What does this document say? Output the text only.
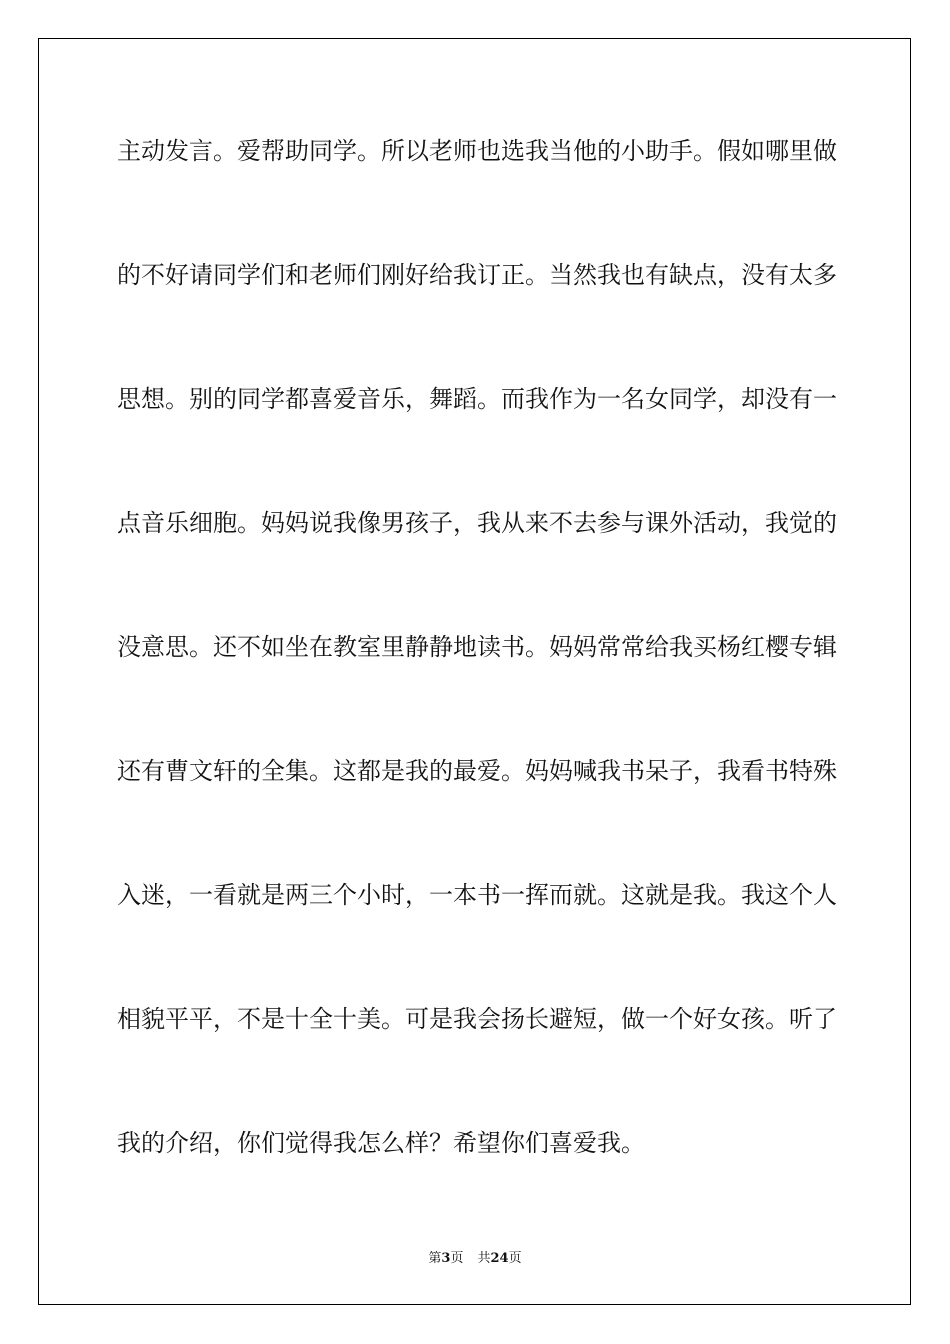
主动发言。爱帮助同学。所以老师也选我当他的小助手。假如哪里做
的不好请同学们和老师们刚好给我订正。当然我也有缺点，没有太多
思想。别的同学都喜爱音乐，舞蹈。而我作为一名女同学，却没有一
点音乐细胞。妈妈说我像男孩子，我从来不去参与课外活动，我觉的
没意思。还不如坐在教室里静静地读书。妈妈常常给我买杨红樱专辑
还有曹文轩的全集。这都是我的最爱。妈妈喊我书呆子，我看书特殊
入迷，一看就是两三个小时，一本书一挥而就。这就是我。我这个人
相貌平平，不是十全十美。可是我会扬长避短，做一个好女孩。听了
我的介绍，你们觉得我怎么样？希望你们喜爱我。
第3页 共24页
